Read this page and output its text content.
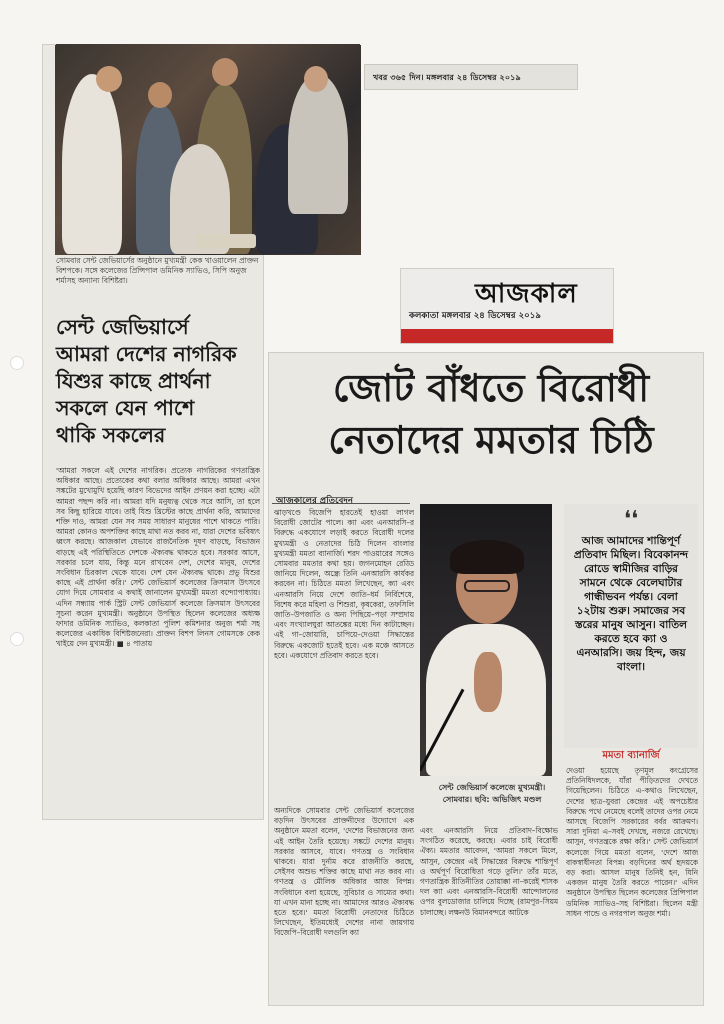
সোমবার সেন্ট জেভিয়ার্সের অনুষ্ঠানে মুখ্যমন্ত্রী কেক খাওয়ালেন প্রাক্তন বিশপকে। সঙ্গে কলেজের প্রিন্সিপাল ডমিনিক স্যাভিও, সিপি অনুজ শর্মাসহ অন্যান্য বিশিষ্টরা।
সেন্ট জেভিয়ার্সে
আমরা দেশের নাগরিক
যিশুর কাছে প্রার্থনা
সকলে যেন পাশে
থাকি সকলের
'আমরা সকলে এই দেশের নাগরিক। প্রত্যেক নাগরিকের গণতান্ত্রিক অধিকার আছে। প্রত্যেকের কথা বলার অধিকার আছে। আমরা এখন সঙ্কটের মুখোমুখি হয়েছি কারণ বিভেদের আইন প্রণয়ন করা হচ্ছে। এটা আমরা পছন্দ করি না। আমরা যদি মনুষ্যত্ব থেকে সরে আসি, তা হলে সব কিছু হারিয়ে যাবে। তাই যিশু খ্রিস্টের কাছে প্রার্থনা করি, আমাদের শক্তি দাও, আমরা যেন সব সময় সাধারণ মানুষের পাশে থাকতে পারি। আমরা কোনও অপশক্তির কাছে মাথা নত করব না, যারা দেশের ভবিষ্যৎ ধ্বংস করছে। আজকাল যেভাবে রাজনৈতিক দূষণ বাড়ছে, বিভাজন বাড়ছে এই পরিস্থিতিতে দেশকে ঐক্যবদ্ধ থাকতে হবে। সরকার আসে, সরকার চলে যায়, কিন্তু মনে রাখবেন দেশ, দেশের মানুষ, দেশের সংবিধান চিরকাল থেকে যাবে। দেশ যেন ঐক্যবদ্ধ থাকে। প্রভু যিশুর কাছে এই প্রার্থনা করি।' সেন্ট জেভিয়ার্স কলেজের ক্রিসমাস উৎসবে যোগ দিয়ে সোমবার এ কথাই জানালেন মুখ্যমন্ত্রী মমতা বন্দ্যোপাধ্যায়। এদিন সন্ধ্যায় পার্ক স্ট্রিট সেন্ট জেভিয়ার্স কলেজে ক্রিসমাস উৎসবের সূচনা করেন মুখ্যমন্ত্রী। অনুষ্ঠানে উপস্থিত ছিলেন কলেজের অধ্যক্ষ ফাদার ডমিনিক স্যাভিও, কলকাতা পুলিশ কমিশনার অনুজ শর্মা সহ কলেজের একাধিক বিশিষ্টজনেরা। প্রাক্তন বিশপ লিনস গোমসকে কেক খাইয়ে দেন মুখ্যমন্ত্রী। ■ ৪ পাতায়
খবর ৩৬৫ দিন। মঙ্গলবার ২৪ ডিসেম্বর ২০১৯
আজকাল
কলকাতা মঙ্গলবার ২৪ ডিসেম্বর ২০১৯
জোট বাঁধতে বিরোধী
নেতাদের মমতার চিঠি
আজকালের প্রতিবেদন
ঝাড়খণ্ডে বিজেপি হারতেই হাওয়া লাগল বিরোধী জোটের পালে। ক্যা এবং এনআরসি–র বিরুদ্ধে একযোগে লড়াই করতে বিরোধী দলের মুখ্যমন্ত্রী ও নেতাদের চিঠি দিলেন বাংলার মুখ্যমন্ত্রী মমতা ব্যানার্জি। শরদ পাওয়ারের সঙ্গেও সোমবার মমতার কথা হয়। জগনমোহন রেড্ডি জানিয়ে দিলেন, অন্ধ্রে তিনি এনআরসি কার্যকর করবেন না। চিঠিতে মমতা লিখেছেন, ক্যা এবং এনআরসি নিয়ে দেশে জাতি–ধর্ম নির্বিশেষে, বিশেষ করে মহিলা ও শিশুরা, কৃষকেরা, তফসিলি জাতি–উপজাতি ও অন্য পিছিয়ে–পড়া সম্প্রদায় এবং সংখ্যালঘুরা আতঙ্কের মধ্যে দিন কাটাচ্ছেন। এই গা–জোয়ারি, চাপিয়ে–দেওয়া সিদ্ধান্তের বিরুদ্ধে একজোট হতেই হবে। এক মঞ্চে আসতে হবে। একযোগে প্রতিবাদ করতে হবে।
সেন্ট জেভিয়ার্স কলেজে মুখ্যমন্ত্রী। সোমবার। ছবি: অভিজিৎ মণ্ডল
❛❛
আজ আমাদের শান্তিপূর্ণ প্রতিবাদ মিছিল। বিবেকানন্দ রোডে স্বামীজির বাড়ির সামনে থেকে বেলেঘাটার গান্ধীভবন পর্যন্ত। বেলা ১২টায় শুরু। সমাজের সব স্তরের মানুষ আসুন। বাতিল করতে হবে ক্যা ও এনআরসি। জয় হিন্দ, জয় বাংলা।
মমতা ব্যানার্জি
দেওয়া হয়েছে তৃণমূল কংগ্রেসের প্রতিনিধিদলকে, যাঁরা পীড়িতদের দেখতে গিয়েছিলেন। চিঠিতে এ–কথাও লিখেছেন, দেশের ছাত্র–যুবরা কেন্দ্রের এই অপচেষ্টার বিরুদ্ধে পথে নেমেছে বলেই তাদের ওপর নেমে আসছে বিজেপি সরকারের বর্বর আক্রমণ। সারা দুনিয়া এ–সবই দেখছে, নজরে রেখেছে। আসুন, গণতন্ত্রকে রক্ষা করি।' সেন্ট জেভিয়ার্স কলেজে গিয়ে মমতা বলেন, 'দেশে আজ বাকস্বাধীনতা বিপন্ন। বড়দিনের অর্থ হৃদয়কে বড় করা। আসল মানুষ তিনিই হন, যিনি একজন মানুষ তৈরি করতে পারেন।' এদিন অনুষ্ঠানে উপস্থিত ছিলেন কলেজের প্রিন্সিপাল ডমিনিক স্যাভিও–সহ বিশিষ্টরা। ছিলেন মন্ত্রী সাধন পান্ডে ও নগরপাল অনুজ শর্মা।
অন্যদিকে সোমবার সেন্ট জেভিয়ার্স কলেজের বড়দিন উৎসবের প্রাক্তনীদের উদ্যোগে এক অনুষ্ঠানে মমতা বলেন, 'দেশের বিভাজনের জন্য এই আইন তৈরি হয়েছে। সঙ্কটে দেশের মানুষ। সরকার আসবে, যাবে। গণতন্ত্র ও সংবিধান থাকবে। যারা দুর্নাম করে রাজনীতি করছে, সেইসব অশুভ শক্তির কাছে মাথা নত করব না। গণতন্ত্র ও মৌলিক অধিকার আজ বিপন্ন। সংবিধানে বলা হয়েছে, সুবিচার ও সাম্যের কথা। যা এখন মানা হচ্ছে না। আমাদের আরও ঐক্যবদ্ধ হতে হবে।' মমতা বিরোধী নেতাদের চিঠিতে লিখেছেন, ইতিমধ্যেই দেশের নানা জায়গায় বিজেপি–বিরোধী দলগুলি ক্যা
এবং এনআরসি নিয়ে প্রতিবাদ–বিক্ষোভ সংগঠিত করেছে, করছে। এবার চাই বিরোধী ঐক্য। মমতার আবেদন, 'আমরা সকলে মিলে, আসুন, কেন্দ্রের এই সিদ্ধান্তের বিরুদ্ধে শান্তিপূর্ণ ও অর্থপূর্ণ বিরোধিতা গড়ে তুলি।' তাঁর মতে, গণতান্ত্রিক রীতিনীতির তোয়াক্কা না–করেই শাসক দল ক্যা এবং এনআরসি–বিরোধী আন্দোলনের ওপর বুলডোজার চালিয়ে দিচ্ছে (রামপুর–সিয়ম চালাচ্ছে। লক্ষনউ বিমানবন্দরে আটকে
